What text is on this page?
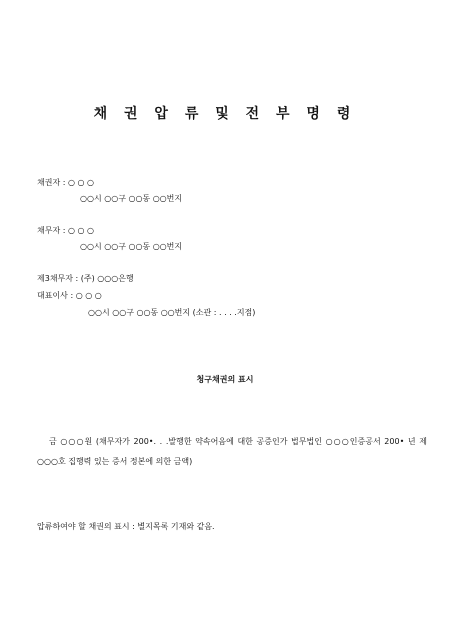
채 권 압 류 및 전 부 명 령
채권자 : ○ ○ ○
○○시 ○○구 ○○동 ○○번지
채무자 : ○ ○ ○
○○시 ○○구 ○○동 ○○번지
제3채무자 : (주) ○○○은행
대표이사 : ○ ○ ○
○○시 ○○구 ○○동 ○○번지 (소관 : . . . .지점)
청구채권의 표시
금 ○○○원 (채무자가 200•. . .발행한 약속어음에 대한 공증인가 법무법인 ○○○인증공서 200• 년 제 ○○○호 집행력 있는 증서 정본에 의한 금액)
압류하여야 할 채권의 표시 : 별지목록 기재와 같음.
